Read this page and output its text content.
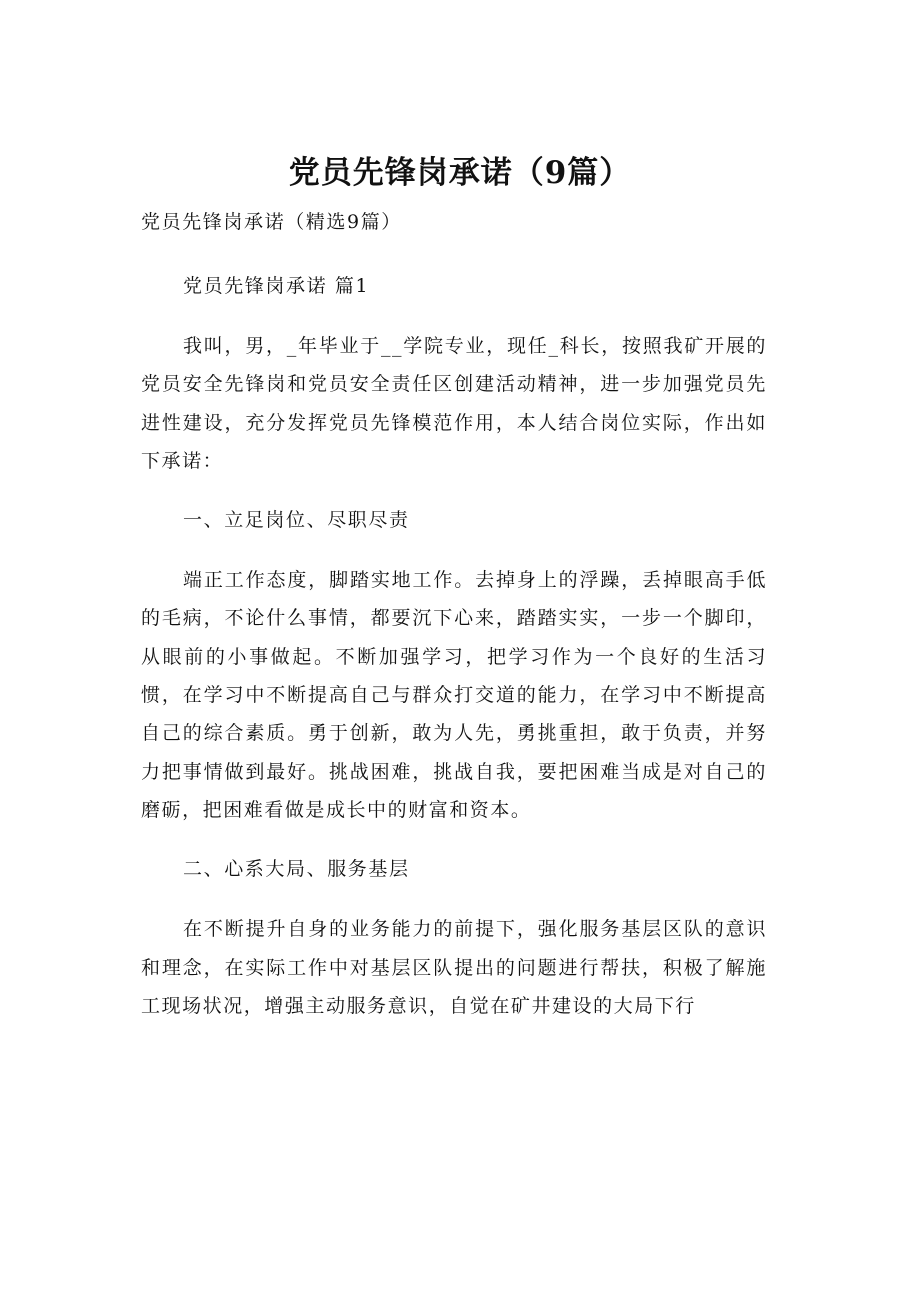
党员先锋岗承诺（9篇）

党员先锋岗承诺（精选9篇）

党员先锋岗承诺 篇1

我叫，男，_年毕业于__学院专业，现任_科长，按照我矿开展的党员安全先锋岗和党员安全责任区创建活动精神，进一步加强党员先进性建设，充分发挥党员先锋模范作用，本人结合岗位实际，作出如下承诺：

一、立足岗位、尽职尽责

端正工作态度，脚踏实地工作。去掉身上的浮躁，丢掉眼高手低的毛病，不论什么事情，都要沉下心来，踏踏实实，一步一个脚印，从眼前的小事做起。不断加强学习，把学习作为一个良好的生活习惯，在学习中不断提高自己与群众打交道的能力，在学习中不断提高自己的综合素质。勇于创新，敢为人先，勇挑重担，敢于负责，并努力把事情做到最好。挑战困难，挑战自我，要把困难当成是对自己的磨砺，把困难看做是成长中的财富和资本。

二、心系大局、服务基层

在不断提升自身的业务能力的前提下，强化服务基层区队的意识和理念，在实际工作中对基层区队提出的问题进行帮扶，积极了解施工现场状况，增强主动服务意识，自觉在矿井建设的大局下行
